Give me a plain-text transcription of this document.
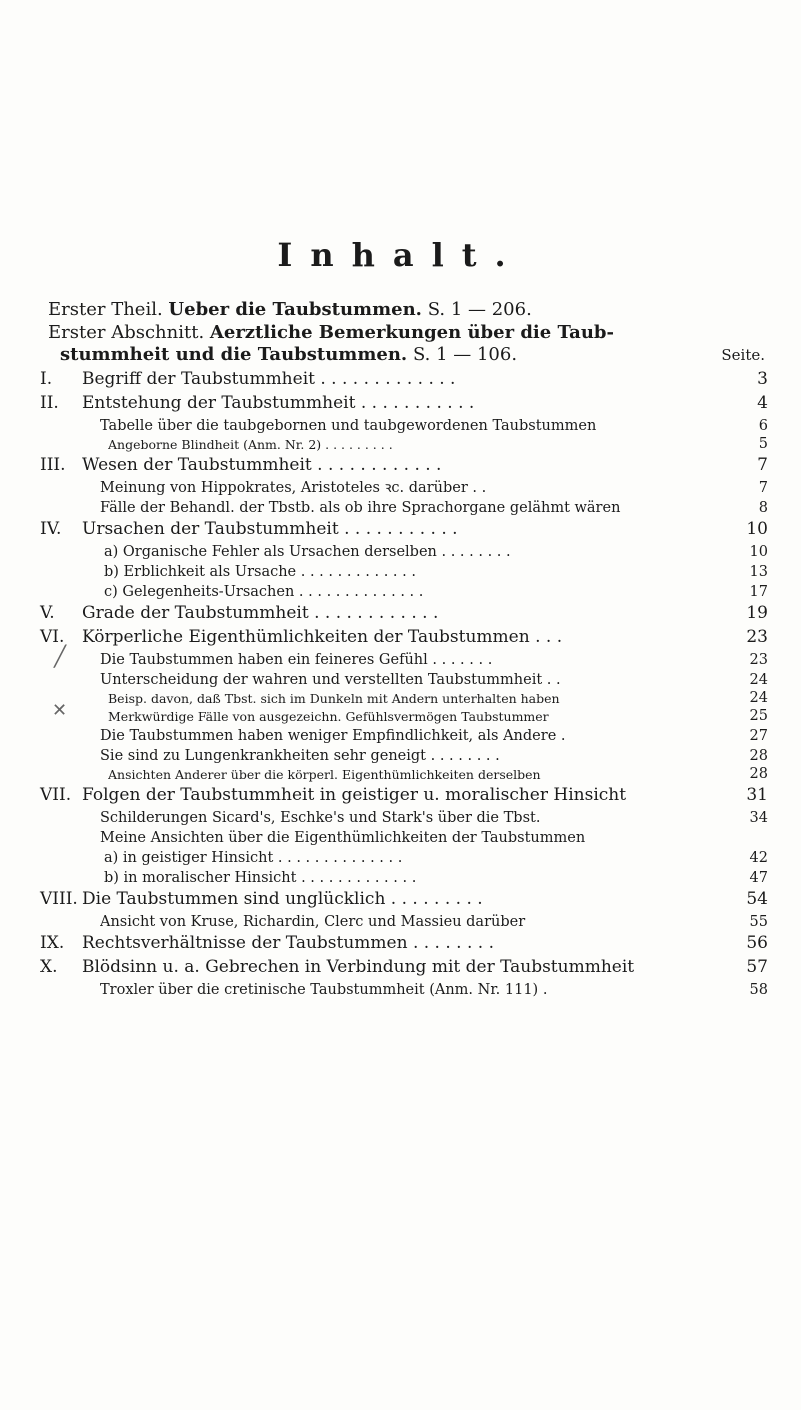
Inhalt.
Erster Theil. Ueber die Taubstummen. S. 1 — 206.
Erster Abschnitt. Aerztliche Bemerkungen über die Taub-
stummheit und die Taubstummen. S. 1 — 106.	Seite.
I.	Begriff der Taubstummheit . . . . . . . . . . . . .	3
II.	Entstehung der Taubstummheit . . . . . . . . . . .	4
Tabelle über die taubgebornen und taubgewordenen Taubstummen	6
Angeborne Blindheit (Anm. Nr. 2) . . . . . . . . .	5
III. Wesen der Taubstummheit . . . . . . . . . . . .	7
Meinung von Hippokrates, Aristoteles ꝛc. darüber . .	7
Fälle der Behandl. der Tbstb. als ob ihre Sprachorgane gelähmt wären	8
IV.	Ursachen der Taubstummheit . . . . . . . . . . .	10
a) Organische Fehler als Ursachen derselben . . . . . . . .	10
b) Erblichkeit als Ursache . . . . . . . . . . . . .	13
c) Gelegenheits-Ursachen . . . . . . . . . . . . . .	17
V.	Grade der Taubstummheit . . . . . . . . . . . .	19
VI.	Körperliche Eigenthümlichkeiten der Taubstummen . . .	23
Die Taubstummen haben ein feineres Gefühl . . . . . . .	23
Unterscheidung der wahren und verstellten Taubstummheit . .	24
Beisp. davon, daß Tbst. sich im Dunkeln mit Andern unterhalten haben	24
Merkwürdige Fälle von ausgezeichn. Gefühlsvermögen Taubstummer	25
Die Taubstummen haben weniger Empfindlichkeit, als Andere .	27
Sie sind zu Lungenkrankheiten sehr geneigt . . . . . . . .	28
Ansichten Anderer über die körperl. Eigenthümlichkeiten derselben	28
VII. Folgen der Taubstummheit in geistiger u. moralischer Hinsicht	31
Schilderungen Sicard's, Eschke's und Stark's über die Tbst.	34
Meine Ansichten über die Eigenthümlichkeiten der Taubstummen
a) in geistiger Hinsicht . . . . . . . . . . . . . .	42
b) in moralischer Hinsicht . . . . . . . . . . . . .	47
VIII. Die Taubstummen sind unglücklich . . . . . . . . .	54
Ansicht von Kruse, Richardin, Clerc und Massieu darüber	55
IX.	Rechtsverhältnisse der Taubstummen . . . . . . . .	56
X.	Blödsinn u. a. Gebrechen in Verbindung mit der Taubstummheit	57
Troxler über die cretinische Taubstummheit (Anm. Nr. 111) .	58
╱
✕
